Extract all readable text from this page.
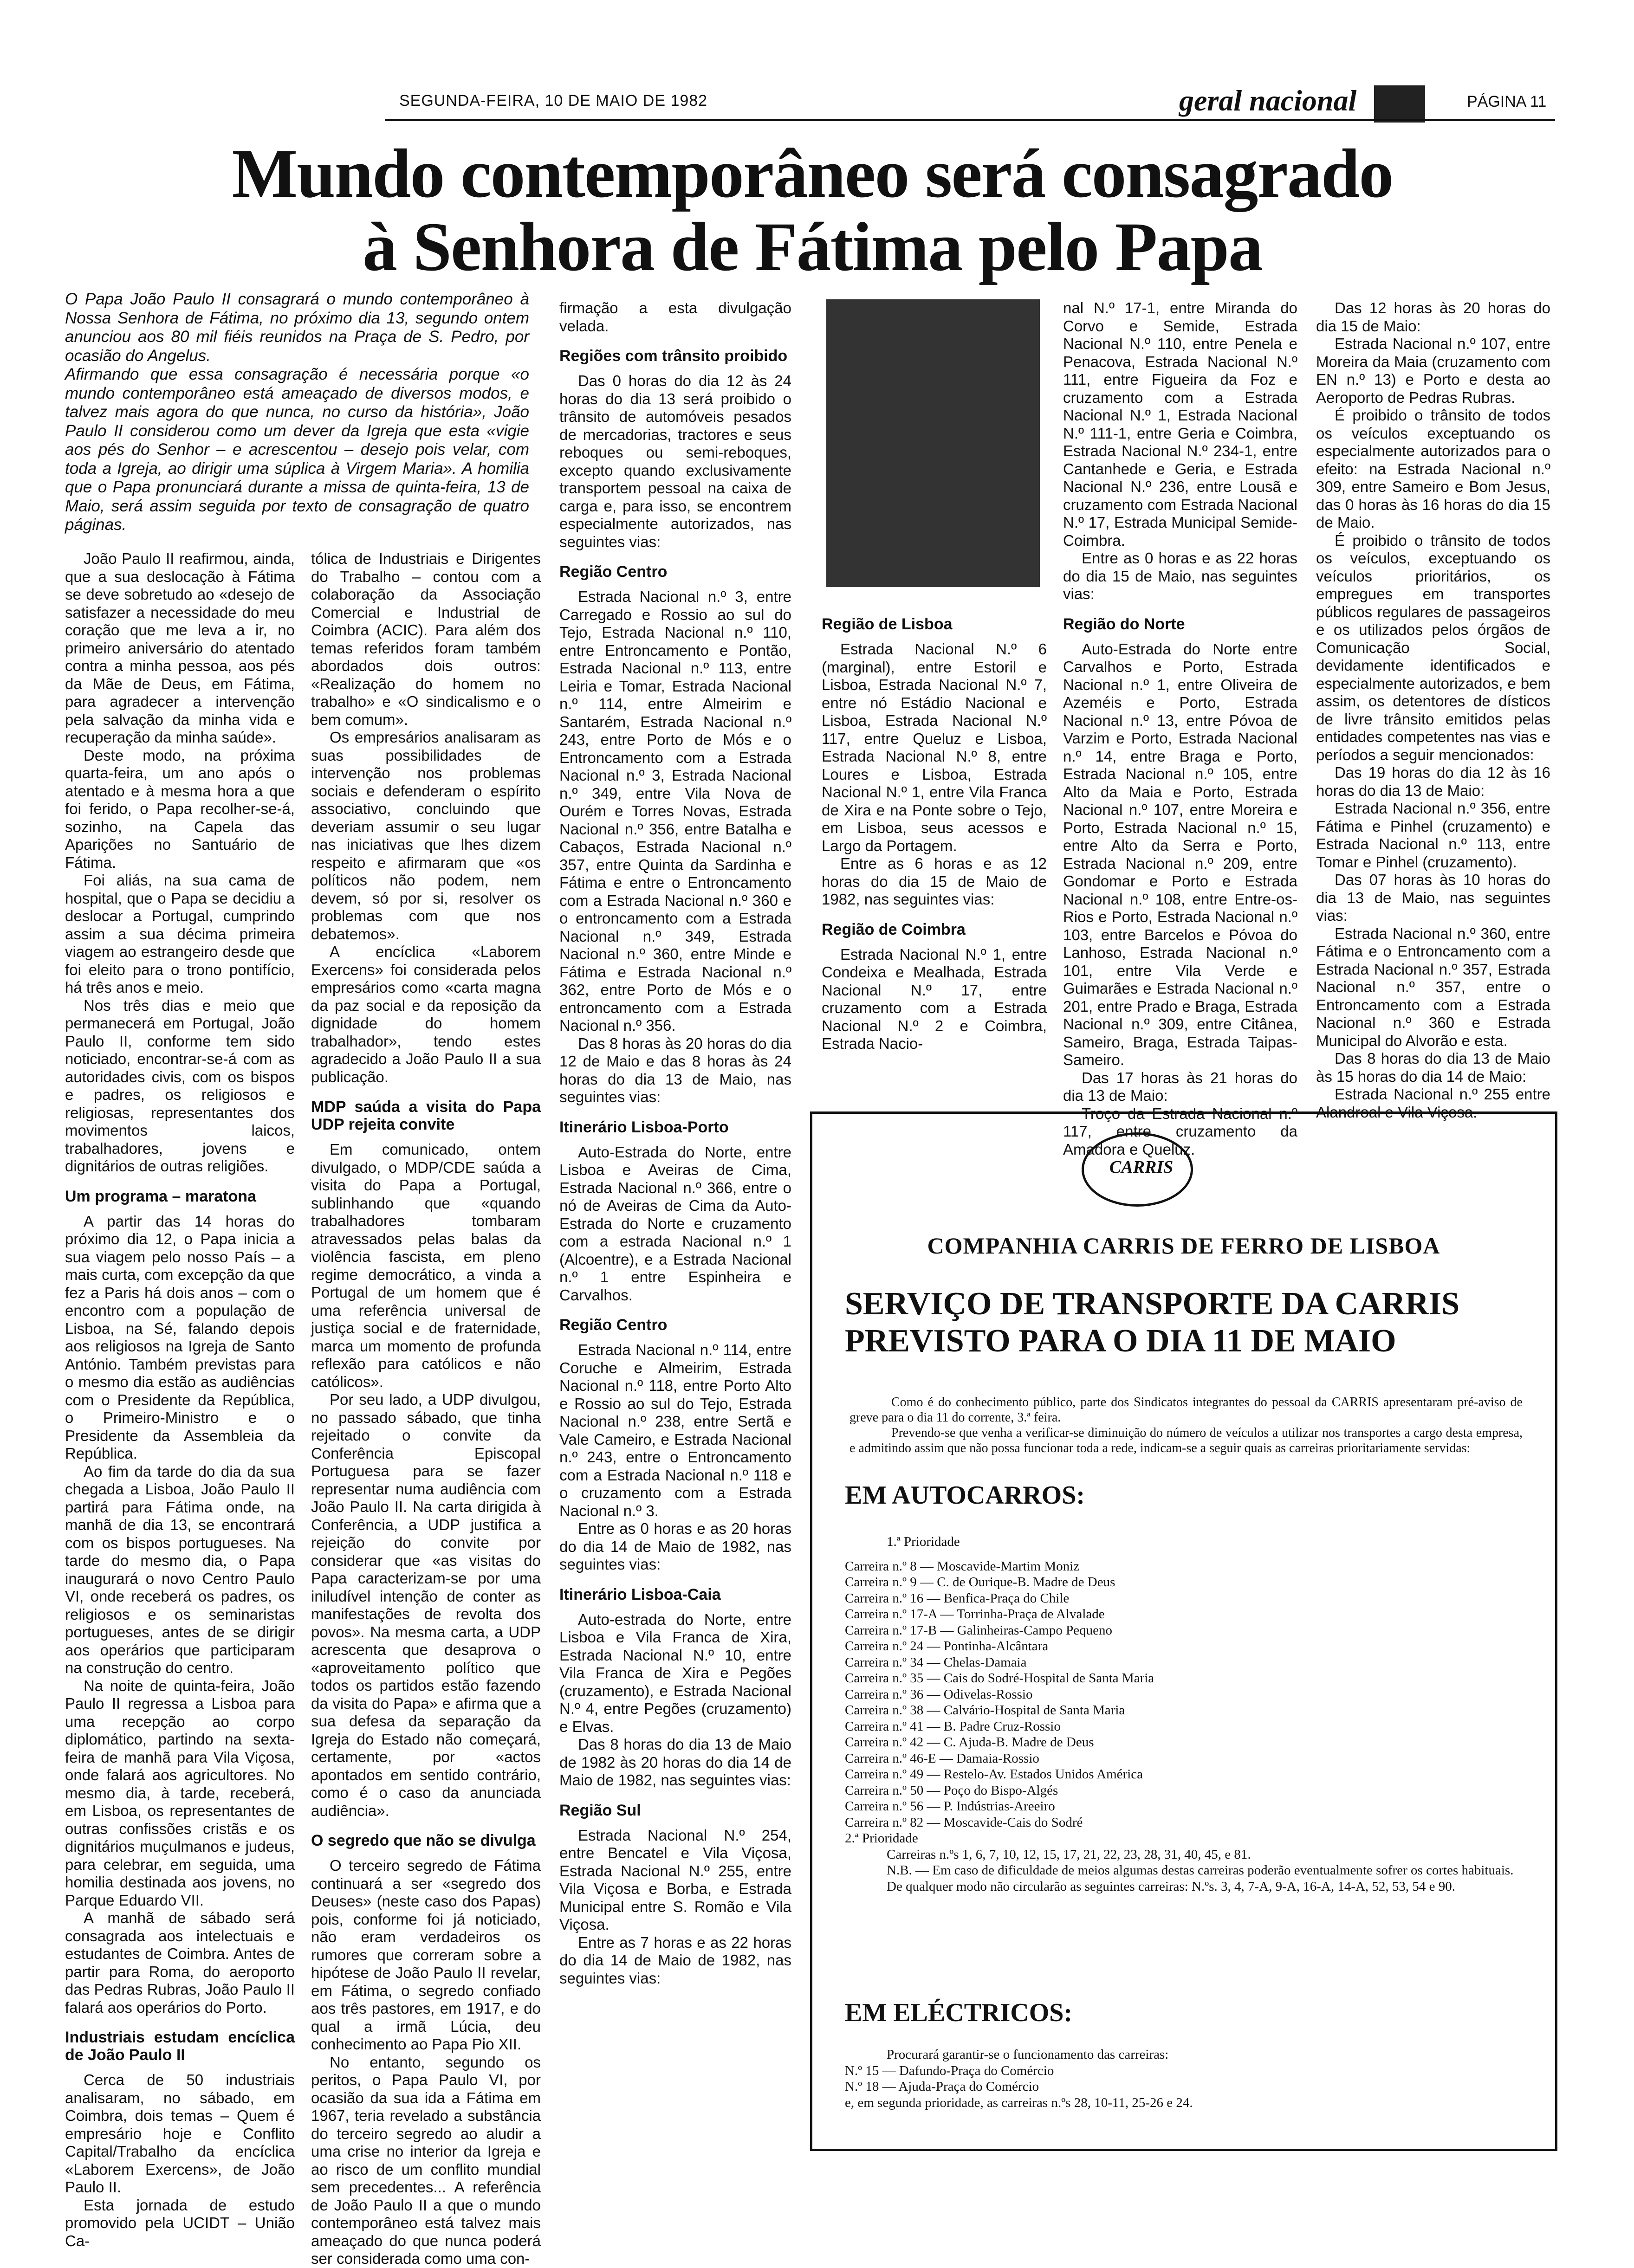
SEGUNDA-FEIRA, 10 DE MAIO DE 1982	geral nacional	PÁGINA 11
Mundo contemporâneo será consagrado
à Senhora de Fátima pelo Papa

O Papa João Paulo II consagrará o mundo contemporâneo à Nossa Senhora de Fátima, no próximo dia 13, segundo ontem anunciou aos 80 mil fiéis reunidos na Praça de S. Pedro, por ocasião do Angelus.

Afirmando que essa consagração é necessária porque «o mundo contemporâneo está ameaçado de diversos modos, e talvez mais agora do que nunca, no curso da história», João Paulo II considerou como um dever da Igreja que esta «vigie aos pés do Senhor – e acrescentou – desejo pois velar, com toda a Igreja, ao dirigir uma súplica à Virgem Maria». A homilia que o Papa pronunciará durante a missa de quinta-feira, 13 de Maio, será assim seguida por texto de consagração de quatro páginas.

João Paulo II reafirmou, ainda, que a sua deslocação à Fátima se deve sobretudo ao «desejo de satisfazer a necessidade do meu coração que me leva a ir, no primeiro aniversário do atentado contra a minha pessoa, aos pés da Mãe de Deus, em Fátima, para agradecer a intervenção pela salvação da minha vida e recuperação da minha saúde».

Deste modo, na próxima quarta-feira, um ano após o atentado e à mesma hora a que foi ferido, o Papa recolher-se-á, sozinho, na Capela das Aparições no Santuário de Fátima.

Foi aliás, na sua cama de hospital, que o Papa se decidiu a deslocar a Portugal, cumprindo assim a sua décima primeira viagem ao estrangeiro desde que foi eleito para o trono pontifício, há três anos e meio.

Nos três dias e meio que permanecerá em Portugal, João Paulo II, conforme tem sido noticiado, encontrar-se-á com as autoridades civis, com os bispos e padres, os religiosos e religiosas, representantes dos movimentos laicos, trabalhadores, jovens e dignitários de outras religiões.

Um programa – maratona

A partir das 14 horas do próximo dia 12, o Papa inicia a sua viagem pelo nosso País – a mais curta, com excepção da que fez a Paris há dois anos – com o encontro com a população de Lisboa, na Sé, falando depois aos religiosos na Igreja de Santo António. Também previstas para o mesmo dia estão as audiências com o Presidente da República, o Primeiro-Ministro e o Presidente da Assembleia da República.

Ao fim da tarde do dia da sua chegada a Lisboa, João Paulo II partirá para Fátima onde, na manhã de dia 13, se encontrará com os bispos portugueses. Na tarde do mesmo dia, o Papa inaugurará o novo Centro Paulo VI, onde receberá os padres, os religiosos e os seminaristas portugueses, antes de se dirigir aos operários que participaram na construção do centro.

Na noite de quinta-feira, João Paulo II regressa a Lisboa para uma recepção ao corpo diplomático, partindo na sexta-feira de manhã para Vila Viçosa, onde falará aos agricultores. No mesmo dia, à tarde, receberá, em Lisboa, os representantes de outras confissões cristãs e os dignitários muçulmanos e judeus, para celebrar, em seguida, uma homilia destinada aos jovens, no Parque Eduardo VII.

A manhã de sábado será consagrada aos intelectuais e estudantes de Coimbra. Antes de partir para Roma, do aeroporto das Pedras Rubras, João Paulo II falará aos operários do Porto.

Industriais estudam encíclica de João Paulo II

Cerca de 50 industriais analisaram, no sábado, em Coimbra, dois temas – Quem é empresário hoje e Conflito Capital/Trabalho da encíclica «Laborem Exercens», de João Paulo II.

Esta jornada de estudo promovido pela UCIDT – União Ca-

tólica de Industriais e Dirigentes do Trabalho – contou com a colaboração da Associação Comercial e Industrial de Coimbra (ACIC). Para além dos temas referidos foram também abordados dois outros: «Realização do homem no trabalho» e «O sindicalismo e o bem comum».

Os empresários analisaram as suas possibilidades de intervenção nos problemas sociais e defenderam o espírito associativo, concluindo que deveriam assumir o seu lugar nas iniciativas que lhes dizem respeito e afirmaram que «os políticos não podem, nem devem, só por si, resolver os problemas com que nos debatemos».

A encíclica «Laborem Exercens» foi considerada pelos empresários como «carta magna da paz social e da reposição da dignidade do homem trabalhador», tendo estes agradecido a João Paulo II a sua publicação.

MDP saúda a visita do Papa UDP rejeita convite

Em comunicado, ontem divulgado, o MDP/CDE saúda a visita do Papa a Portugal, sublinhando que «quando trabalhadores tombaram atravessados pelas balas da violência fascista, em pleno regime democrático, a vinda a Portugal de um homem que é uma referência universal de justiça social e de fraternidade, marca um momento de profunda reflexão para católicos e não católicos».

Por seu lado, a UDP divulgou, no passado sábado, que tinha rejeitado o convite da Conferência Episcopal Portuguesa para se fazer representar numa audiência com João Paulo II. Na carta dirigida à Conferência, a UDP justifica a rejeição do convite por considerar que «as visitas do Papa caracterizam-se por uma iniludível intenção de conter as manifestações de revolta dos povos». Na mesma carta, a UDP acrescenta que desaprova o «aproveitamento político que todos os partidos estão fazendo da visita do Papa» e afirma que a sua defesa da separação da Igreja do Estado não começará, certamente, por «actos apontados em sentido contrário, como é o caso da anunciada audiência».

O segredo que não se divulga

O terceiro segredo de Fátima continuará a ser «segredo dos Deuses» (neste caso dos Papas) pois, conforme foi já noticiado, não eram verdadeiros os rumores que correram sobre a hipótese de João Paulo II revelar, em Fátima, o segredo confiado aos três pastores, em 1917, e do qual a irmã Lúcia, deu conhecimento ao Papa Pio XII.

No entanto, segundo os peritos, o Papa Paulo VI, por ocasião da sua ida a Fátima em 1967, teria revelado a substância do terceiro segredo ao aludir a uma crise no interior da Igreja e ao risco de um conflito mundial sem precedentes... A referência de João Paulo II a que o mundo contemporâneo está talvez mais ameaçado do que nunca poderá ser considerada como uma con-

firmação a esta divulgação velada.

Regiões com trânsito proibido

Das 0 horas do dia 12 às 24 horas do dia 13 será proibido o trânsito de automóveis pesados de mercadorias, tractores e seus reboques ou semi-reboques, excepto quando exclusivamente transportem pessoal na caixa de carga e, para isso, se encontrem especialmente autorizados, nas seguintes vias:

Região Centro

Estrada Nacional n.º 3, entre Carregado e Rossio ao sul do Tejo, Estrada Nacional n.º 110, entre Entroncamento e Pontão, Estrada Nacional n.º 113, entre Leiria e Tomar, Estrada Nacional n.º 114, entre Almeirim e Santarém, Estrada Nacional n.º 243, entre Porto de Mós e o Entroncamento com a Estrada Nacional n.º 3, Estrada Nacional n.º 349, entre Vila Nova de Ourém e Torres Novas, Estrada Nacional n.º 356, entre Batalha e Cabaços, Estrada Nacional n.º 357, entre Quinta da Sardinha e Fátima e entre o Entroncamento com a Estrada Nacional n.º 360 e o entroncamento com a Estrada Nacional n.º 349, Estrada Nacional n.º 360, entre Minde e Fátima e Estrada Nacional n.º 362, entre Porto de Mós e o entroncamento com a Estrada Nacional n.º 356.

Das 8 horas às 20 horas do dia 12 de Maio e das 8 horas às 24 horas do dia 13 de Maio, nas seguintes vias:

Itinerário Lisboa-Porto

Auto-Estrada do Norte, entre Lisboa e Aveiras de Cima, Estrada Nacional n.º 366, entre o nó de Aveiras de Cima da Auto-Estrada do Norte e cruzamento com a estrada Nacional n.º 1 (Alcoentre), e a Estrada Nacional n.º 1 entre Espinheira e Carvalhos.

Região Centro

Estrada Nacional n.º 114, entre Coruche e Almeirim, Estrada Nacional n.º 118, entre Porto Alto e Rossio ao sul do Tejo, Estrada Nacional n.º 238, entre Sertã e Vale Cameiro, e Estrada Nacional n.º 243, entre o Entroncamento com a Estrada Nacional n.º 118 e o cruzamento com a Estrada Nacional n.º 3.

Entre as 0 horas e as 20 horas do dia 14 de Maio de 1982, nas seguintes vias:

Itinerário Lisboa-Caia

Auto-estrada do Norte, entre Lisboa e Vila Franca de Xira, Estrada Nacional N.º 10, entre Vila Franca de Xira e Pegões (cruzamento), e Estrada Nacional N.º 4, entre Pegões (cruzamento) e Elvas.

Das 8 horas do dia 13 de Maio de 1982 às 20 horas do dia 14 de Maio de 1982, nas seguintes vias:

Região Sul

Estrada Nacional N.º 254, entre Bencatel e Vila Viçosa, Estrada Nacional N.º 255, entre Vila Viçosa e Borba, e Estrada Municipal entre S. Romão e Vila Viçosa.

Entre as 7 horas e as 22 horas do dia 14 de Maio de 1982, nas seguintes vias:

Região de Lisboa

Estrada Nacional N.º 6 (marginal), entre Estoril e Lisboa, Estrada Nacional N.º 7, entre nó Estádio Nacional e Lisboa, Estrada Nacional N.º 117, entre Queluz e Lisboa, Estrada Nacional N.º 8, entre Loures e Lisboa, Estrada Nacional N.º 1, entre Vila Franca de Xira e na Ponte sobre o Tejo, em Lisboa, seus acessos e Largo da Portagem.

Entre as 6 horas e as 12 horas do dia 15 de Maio de 1982, nas seguintes vias:

Região de Coimbra

Estrada Nacional N.º 1, entre Condeixa e Mealhada, Estrada Nacional N.º 17, entre cruzamento com a Estrada Nacional N.º 2 e Coimbra, Estrada Nacio-

nal N.º 17-1, entre Miranda do Corvo e Semide, Estrada Nacional N.º 110, entre Penela e Penacova, Estrada Nacional N.º 111, entre Figueira da Foz e cruzamento com a Estrada Nacional N.º 1, Estrada Nacional N.º 111-1, entre Geria e Coimbra, Estrada Nacional N.º 234-1, entre Cantanhede e Geria, e Estrada Nacional N.º 236, entre Lousã e cruzamento com Estrada Nacional N.º 17, Estrada Municipal Semide-Coimbra.

Entre as 0 horas e as 22 horas do dia 15 de Maio, nas seguintes vias:

Região do Norte

Auto-Estrada do Norte entre Carvalhos e Porto, Estrada Nacional n.º 1, entre Oliveira de Azeméis e Porto, Estrada Nacional n.º 13, entre Póvoa de Varzim e Porto, Estrada Nacional n.º 14, entre Braga e Porto, Estrada Nacional n.º 105, entre Alto da Maia e Porto, Estrada Nacional n.º 107, entre Moreira e Porto, Estrada Nacional n.º 15, entre Alto da Serra e Porto, Estrada Nacional n.º 209, entre Gondomar e Porto e Estrada Nacional n.º 108, entre Entre-os-Rios e Porto, Estrada Nacional n.º 103, entre Barcelos e Póvoa do Lanhoso, Estrada Nacional n.º 101, entre Vila Verde e Guimarães e Estrada Nacional n.º 201, entre Prado e Braga, Estrada Nacional n.º 309, entre Citânea, Sameiro, Braga, Estrada Taipas-Sameiro.

Das 17 horas às 21 horas do dia 13 de Maio:

Troço da Estrada Nacional n.º 117, entre cruzamento da Amadora e Queluz.

Das 12 horas às 20 horas do dia 15 de Maio:

Estrada Nacional n.º 107, entre Moreira da Maia (cruzamento com EN n.º 13) e Porto e desta ao Aeroporto de Pedras Rubras.

É proibido o trânsito de todos os veículos exceptuando os especialmente autorizados para o efeito: na Estrada Nacional n.º 309, entre Sameiro e Bom Jesus, das 0 horas às 16 horas do dia 15 de Maio.

É proibido o trânsito de todos os veículos, exceptuando os veículos prioritários, os empregues em transportes públicos regulares de passageiros e os utilizados pelos órgãos de Comunicação Social, devidamente identificados e especialmente autorizados, e bem assim, os detentores de dísticos de livre trânsito emitidos pelas entidades competentes nas vias e períodos a seguir mencionados:

Das 19 horas do dia 12 às 16 horas do dia 13 de Maio:

Estrada Nacional n.º 356, entre Fátima e Pinhel (cruzamento) e Estrada Nacional n.º 113, entre Tomar e Pinhel (cruzamento).

Das 07 horas às 10 horas do dia 13 de Maio, nas seguintes vias:

Estrada Nacional n.º 360, entre Fátima e o Entroncamento com a Estrada Nacional n.º 357, Estrada Nacional n.º 357, entre o Entroncamento com a Estrada Nacional n.º 360 e Estrada Municipal do Alvorão e esta.

Das 8 horas do dia 13 de Maio às 15 horas do dia 14 de Maio:

Estrada Nacional n.º 255 entre Alandroal e Vila Viçosa.

CARRIS
COMPANHIA CARRIS DE FERRO DE LISBOA
SERVIÇO DE TRANSPORTE DA CARRIS
PREVISTO PARA O DIA 11 DE MAIO

Como é do conhecimento público, parte dos Sindicatos integrantes do pessoal da CARRIS apresentaram pré-aviso de greve para o dia 11 do corrente, 3.ª feira.

Prevendo-se que venha a verificar-se diminuição do número de veículos a utilizar nos transportes a cargo desta empresa, e admitindo assim que não possa funcionar toda a rede, indicam-se a seguir quais as carreiras prioritariamente servidas:

EM AUTOCARROS:
1.ª Prioridade
Carreira n.º 8 — Moscavide-Martim Moniz
Carreira n.º 9 — C. de Ourique-B. Madre de Deus
Carreira n.º 16 — Benfica-Praça do Chile
Carreira n.º 17-A — Torrinha-Praça de Alvalade
Carreira n.º 17-B — Galinheiras-Campo Pequeno
Carreira n.º 24 — Pontinha-Alcântara
Carreira n.º 34 — Chelas-Damaia
Carreira n.º 35 — Cais do Sodré-Hospital de Santa Maria
Carreira n.º 36 — Odivelas-Rossio
Carreira n.º 38 — Calvário-Hospital de Santa Maria
Carreira n.º 41 — B. Padre Cruz-Rossio
Carreira n.º 42 — C. Ajuda-B. Madre de Deus
Carreira n.º 46-E — Damaia-Rossio
Carreira n.º 49 — Restelo-Av. Estados Unidos América
Carreira n.º 50 — Poço do Bispo-Algés
Carreira n.º 56 — P. Indústrias-Areeiro
Carreira n.º 82 — Moscavide-Cais do Sodré
2.ª Prioridade
Carreiras n.ºs 1, 6, 7, 10, 12, 15, 17, 21, 22, 23, 28, 31, 40, 45, e 81.
N.B. — Em caso de dificuldade de meios algumas destas carreiras poderão eventualmente sofrer os cortes habituais. De qualquer modo não circularão as seguintes carreiras: N.ºs. 3, 4, 7-A, 9-A, 16-A, 14-A, 52, 53, 54 e 90.
EM ELÉCTRICOS:
Procurará garantir-se o funcionamento das carreiras:
N.º 15 — Dafundo-Praça do Comércio
N.º 18 — Ajuda-Praça do Comércio
e, em segunda prioridade, as carreiras n.ºs 28, 10-11, 25-26 e 24.
